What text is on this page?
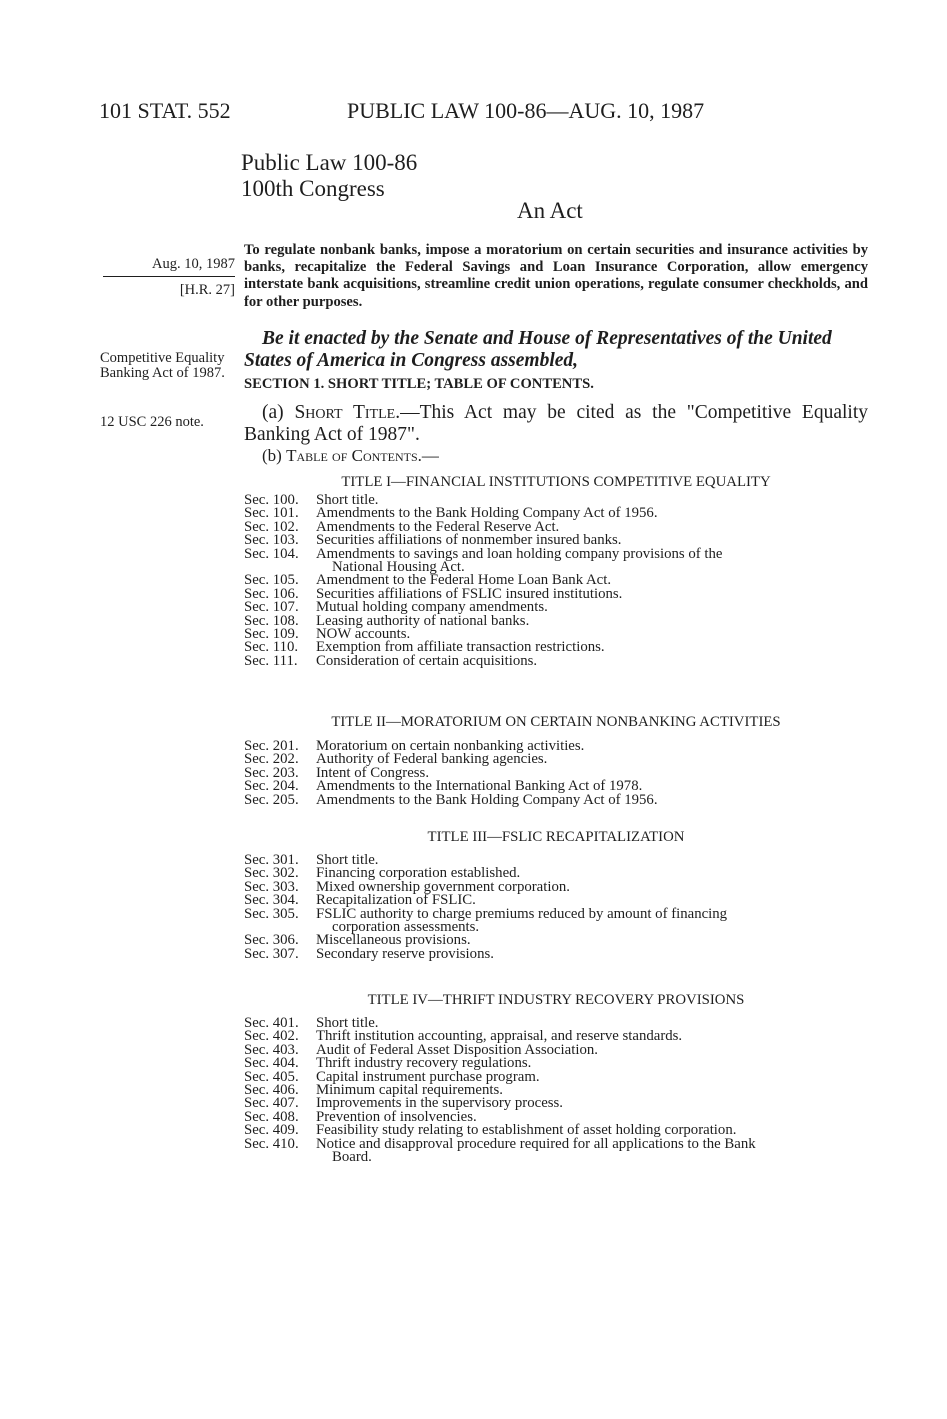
101 STAT. 552	PUBLIC LAW 100-86—AUG. 10, 1987
Public Law 100-86
100th Congress
An Act
Aug. 10, 1987
[H.R. 27]
Competitive Equality Banking Act of 1987.
12 USC 226 note.
To regulate nonbank banks, impose a moratorium on certain securities and insurance activities by banks, recapitalize the Federal Savings and Loan Insurance Corporation, allow emergency interstate bank acquisitions, streamline credit union operations, regulate consumer checkholds, and for other purposes.
Be it enacted by the Senate and House of Representatives of the United States of America in Congress assembled,
SECTION 1. SHORT TITLE; TABLE OF CONTENTS.
(a) Short Title.—This Act may be cited as the "Competitive Equality Banking Act of 1987".
(b) Table of Contents.—
TITLE I—FINANCIAL INSTITUTIONS COMPETITIVE EQUALITY
Sec. 100.	Short title.
Sec. 101.	Amendments to the Bank Holding Company Act of 1956.
Sec. 102.	Amendments to the Federal Reserve Act.
Sec. 103.	Securities affiliations of nonmember insured banks.
Sec. 104.	Amendments to savings and loan holding company provisions of the
National Housing Act.
Sec. 105.	Amendment to the Federal Home Loan Bank Act.
Sec. 106.	Securities affiliations of FSLIC insured institutions.
Sec. 107.	Mutual holding company amendments.
Sec. 108.	Leasing authority of national banks.
Sec. 109.	NOW accounts.
Sec. 110.	Exemption from affiliate transaction restrictions.
Sec. 111.	Consideration of certain acquisitions.
TITLE II—MORATORIUM ON CERTAIN NONBANKING ACTIVITIES
Sec. 201.	Moratorium on certain nonbanking activities.
Sec. 202.	Authority of Federal banking agencies.
Sec. 203.	Intent of Congress.
Sec. 204.	Amendments to the International Banking Act of 1978.
Sec. 205.	Amendments to the Bank Holding Company Act of 1956.
TITLE III—FSLIC RECAPITALIZATION
Sec. 301.	Short title.
Sec. 302.	Financing corporation established.
Sec. 303.	Mixed ownership government corporation.
Sec. 304.	Recapitalization of FSLIC.
Sec. 305.	FSLIC authority to charge premiums reduced by amount of financing
corporation assessments.
Sec. 306.	Miscellaneous provisions.
Sec. 307.	Secondary reserve provisions.
TITLE IV—THRIFT INDUSTRY RECOVERY PROVISIONS
Sec. 401.	Short title.
Sec. 402.	Thrift institution accounting, appraisal, and reserve standards.
Sec. 403.	Audit of Federal Asset Disposition Association.
Sec. 404.	Thrift industry recovery regulations.
Sec. 405.	Capital instrument purchase program.
Sec. 406.	Minimum capital requirements.
Sec. 407.	Improvements in the supervisory process.
Sec. 408.	Prevention of insolvencies.
Sec. 409.	Feasibility study relating to establishment of asset holding corporation.
Sec. 410.	Notice and disapproval procedure required for all applications to the Bank
Board.
